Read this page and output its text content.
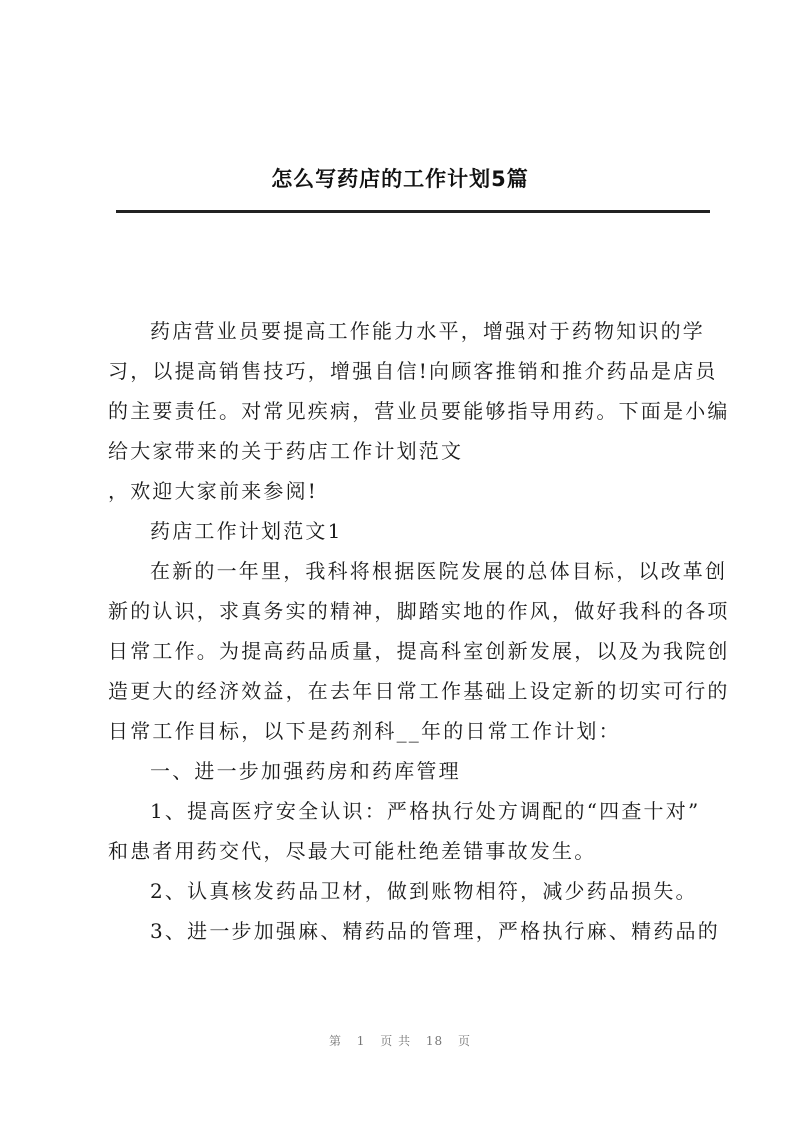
怎么写药店的工作计划5篇
药店营业员要提高工作能力水平，增强对于药物知识的学
习，以提高销售技巧，增强自信!向顾客推销和推介药品是店员
的主要责任。对常见疾病，营业员要能够指导用药。下面是小编
给大家带来的关于药店工作计划范文
，欢迎大家前来参阅!
药店工作计划范文1
在新的一年里，我科将根据医院发展的总体目标，以改革创
新的认识，求真务实的精神，脚踏实地的作风，做好我科的各项
日常工作。为提高药品质量，提高科室创新发展，以及为我院创
造更大的经济效益，在去年日常工作基础上设定新的切实可行的
日常工作目标，以下是药剂科__年的日常工作计划：
一、进一步加强药房和药库管理
1、提高医疗安全认识：严格执行处方调配的“四查十对”
和患者用药交代，尽最大可能杜绝差错事故发生。
2、认真核发药品卫材，做到账物相符，减少药品损失。
3、进一步加强麻、精药品的管理，严格执行麻、精药品的
第 1 页 共 18 页
